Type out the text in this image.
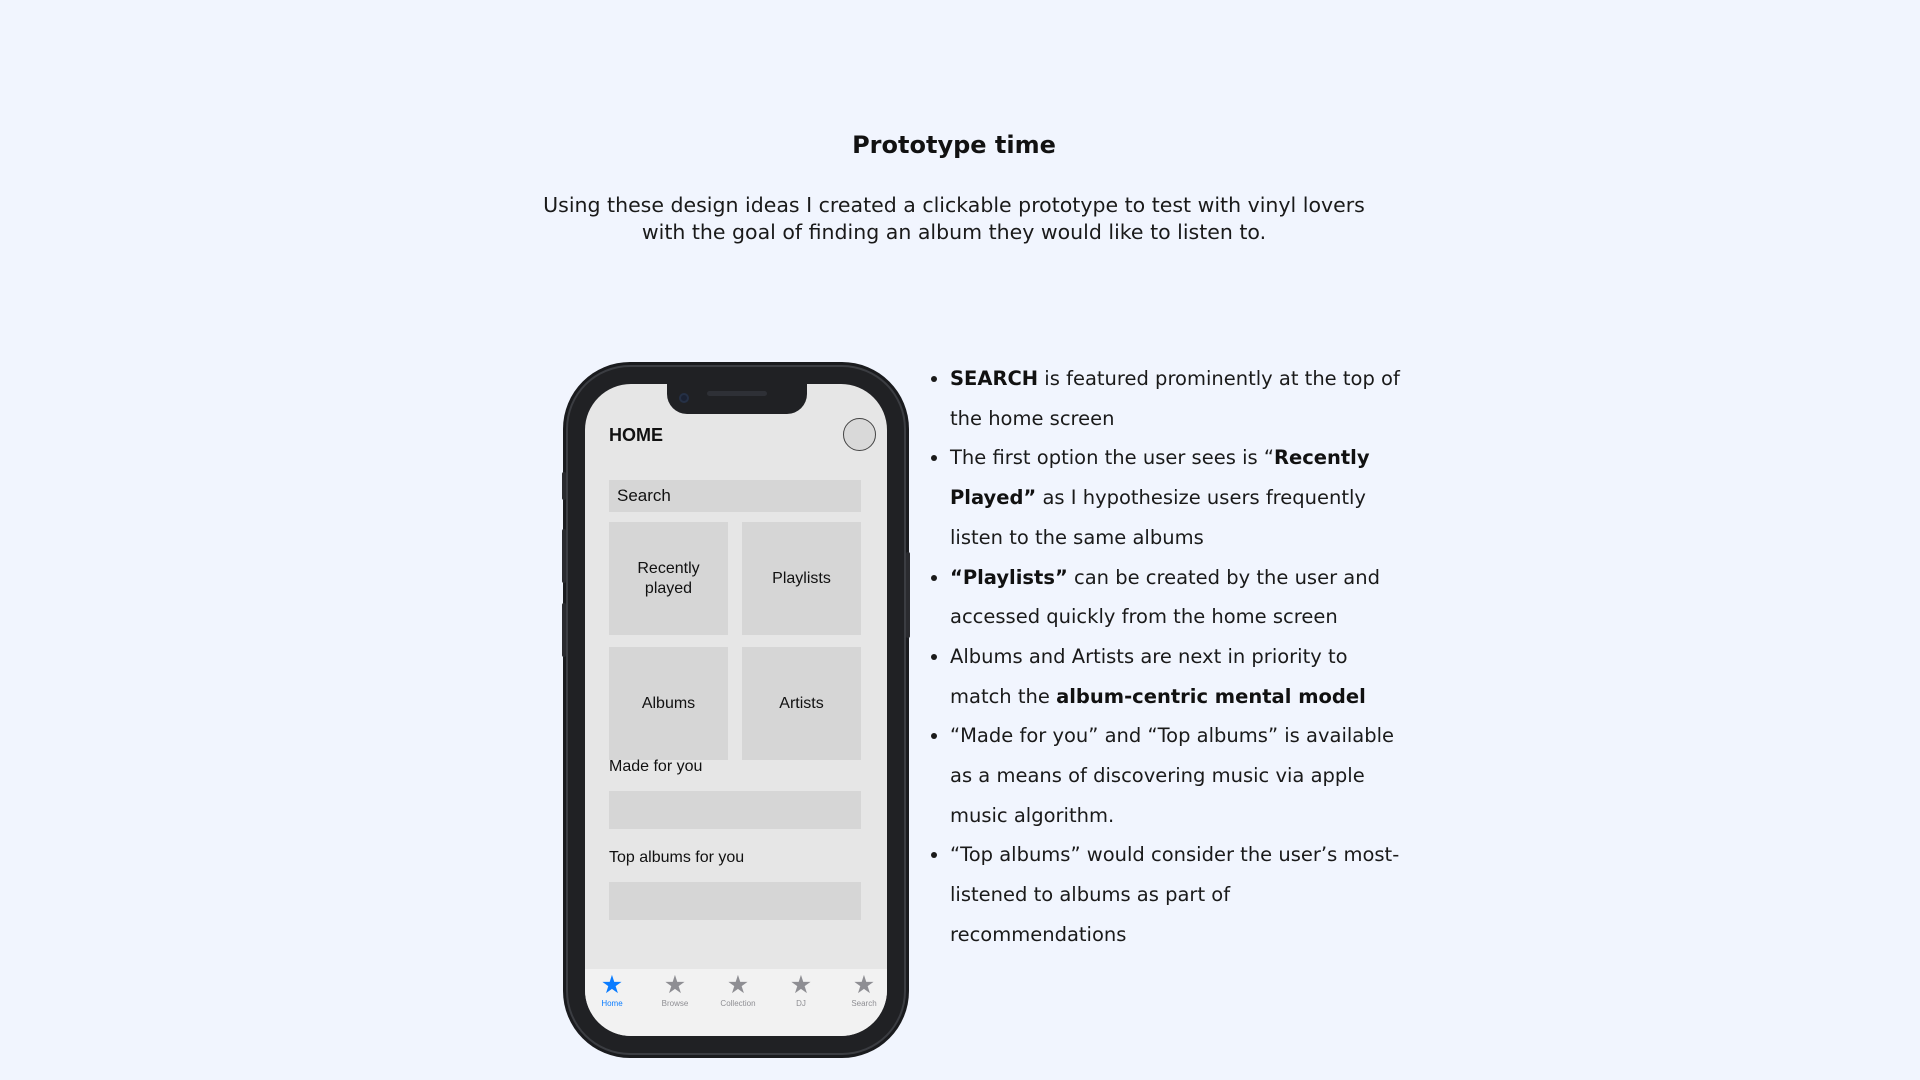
Prototype time
Using these design ideas I created a clickable prototype to test with vinyl lovers
with the goal of finding an album they would like to listen to.
HOME
Search
Recently
played
Playlists
Albums	Artists
Made for you
Top albums for you
★
Home
★
Browse
★
Collection
★
DJ
★
Search
• SEARCH is featured prominently at the top of the home screen
• The first option the user sees is “Recently Played” as I hypothesize users frequently listen to the same albums
• “Playlists” can be created by the user and accessed quickly from the home screen
• Albums and Artists are next in priority to match the album-centric mental model
• “Made for you” and “Top albums” is available as a means of discovering music via apple music algorithm.
• “Top albums” would consider the user’s most-listened to albums as part of recommendations
